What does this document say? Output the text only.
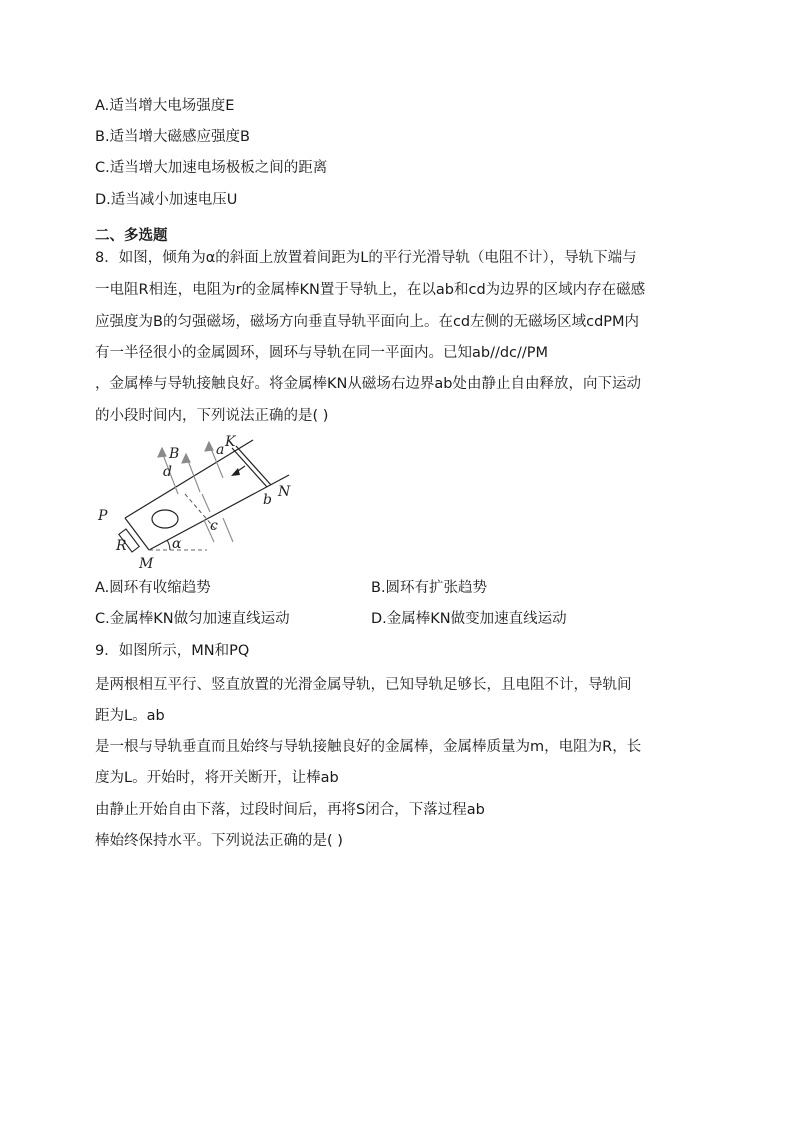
A.适当增大电场强度E
B.适当增大磁感应强度B
C.适当增大加速电场极板之间的距离
D.适当减小加速电压U
二、多选题
8．如图，倾角为α的斜面上放置着间距为L的平行光滑导轨（电阻不计），导轨下端与
一电阻R相连，电阻为r的金属棒KN置于导轨上，在以ab和cd为边界的区域内存在磁感
应强度为B的匀强磁场，磁场方向垂直导轨平面向上。在cd左侧的无磁场区域cdPM内
有一半径很小的金属圆环，圆环与导轨在同一平面内。已知ab//dc//PM
，金属棒与导轨接触良好。将金属棒KN从磁场右边界ab处由静止自由释放，向下运动
的小段时间内，下列说法正确的是( )
B	a K
d
N
b
P
c
R	α
M
A.圆环有收缩趋势	B.圆环有扩张趋势
C.金属棒KN做匀加速直线运动	D.金属棒KN做变加速直线运动
9．如图所示，MN和PQ
是两根相互平行、竖直放置的光滑金属导轨，已知导轨足够长，且电阻不计，导轨间
距为L。ab
是一根与导轨垂直而且始终与导轨接触良好的金属棒，金属棒质量为m，电阻为R，长
度为L。开始时，将开关断开，让棒ab
由静止开始自由下落，过段时间后，再将S闭合，下落过程ab
棒始终保持水平。下列说法正确的是( )
